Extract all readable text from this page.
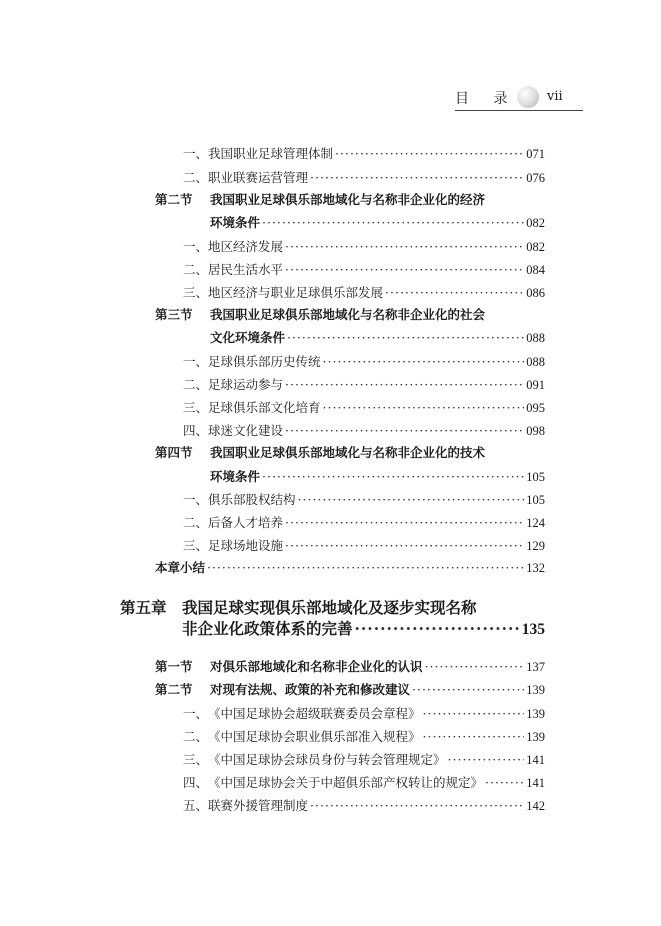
目 录 vii
一、 我国职业足球管理体制 ·····	071
二、 职业联赛运营管理 ·····	076
第二节 我国职业足球俱乐部地域化与名称非企业化的经济
环境条件 ·····	082
一、 地区经济发展 ·····	082
二、 居民生活水平 ·····	084
三、 地区经济与职业足球俱乐部发展 ·····	086
第三节 我国职业足球俱乐部地域化与名称非企业化的社会
文化环境条件 ·····	088
一、 足球俱乐部历史传统 ·····	088
二、 足球运动参与 ·····	091
三、 足球俱乐部文化培育 ·····	095
四、 球迷文化建设 ·····	098
第四节 我国职业足球俱乐部地域化与名称非企业化的技术
环境条件 ·····	105
一、 俱乐部股权结构 ·····	105
二、 后备人才培养 ·····	124
三、 足球场地设施 ·····	129
本章小结 ·····	132
第五章 我国足球实现俱乐部地域化及逐步实现名称
非企业化政策体系的完善 ·····	135
第一节	对俱乐部地域化和名称非企业化的认识 ·····	137
第二节	对现有法规、政策的补充和修改建议 ·····	139
一、 《中国足球协会超级联赛委员会章程》 ·····	139
二、 《中国足球协会职业俱乐部准入规程》 ·····	139
三、 《中国足球协会球员身份与转会管理规定》 ·····	141
四、 《中国足球协会关于中超俱乐部产权转让的规定》 ·····	141
五、 联赛外援管理制度 ·····	142
